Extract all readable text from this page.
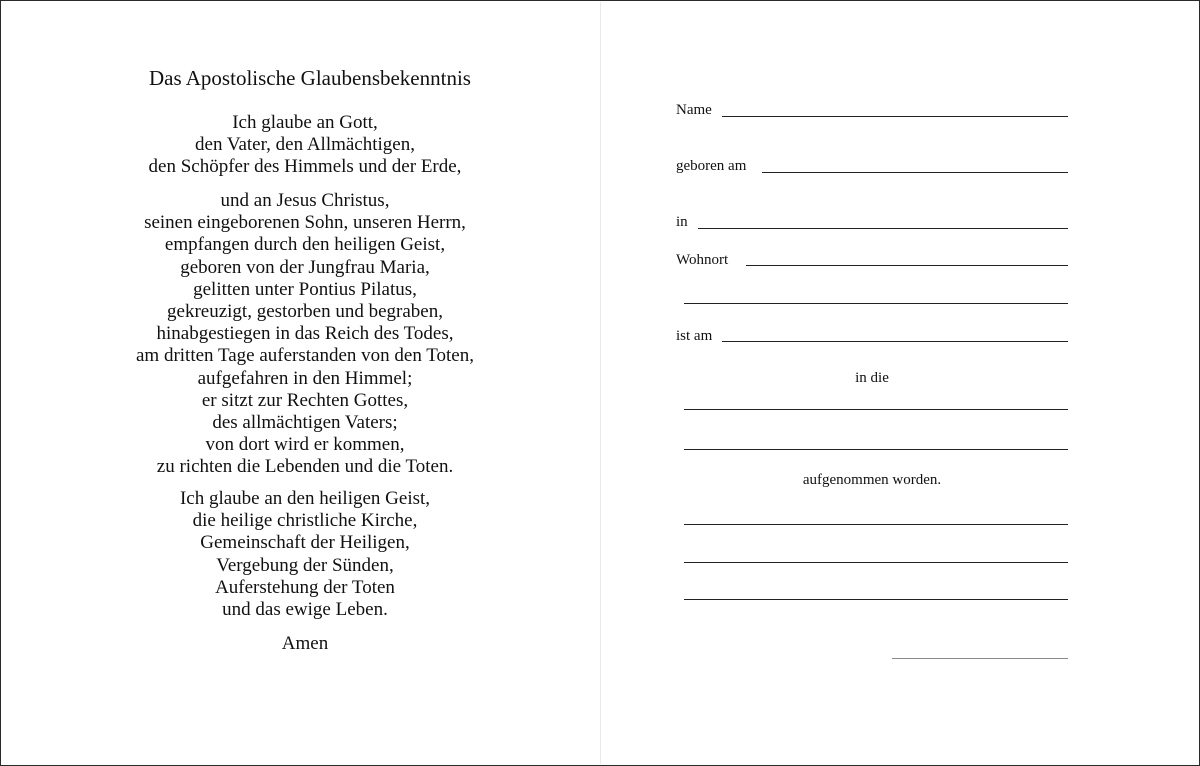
Das Apostolische Glaubensbekenntnis
Ich glaube an Gott,
den Vater, den Allmächtigen,
den Schöpfer des Himmels und der Erde,
und an Jesus Christus,
seinen eingeborenen Sohn, unseren Herrn,
empfangen durch den heiligen Geist,
geboren von der Jungfrau Maria,
gelitten unter Pontius Pilatus,
gekreuzigt, gestorben und begraben,
hinabgestiegen in das Reich des Todes,
am dritten Tage auferstanden von den Toten,
aufgefahren in den Himmel;
er sitzt zur Rechten Gottes,
des allmächtigen Vaters;
von dort wird er kommen,
zu richten die Lebenden und die Toten.
Ich glaube an den heiligen Geist,
die heilige christliche Kirche,
Gemeinschaft der Heiligen,
Vergebung der Sünden,
Auferstehung der Toten
und das ewige Leben.
Amen
Name
geboren am
in
Wohnort
ist am
in die
aufgenommen worden.
